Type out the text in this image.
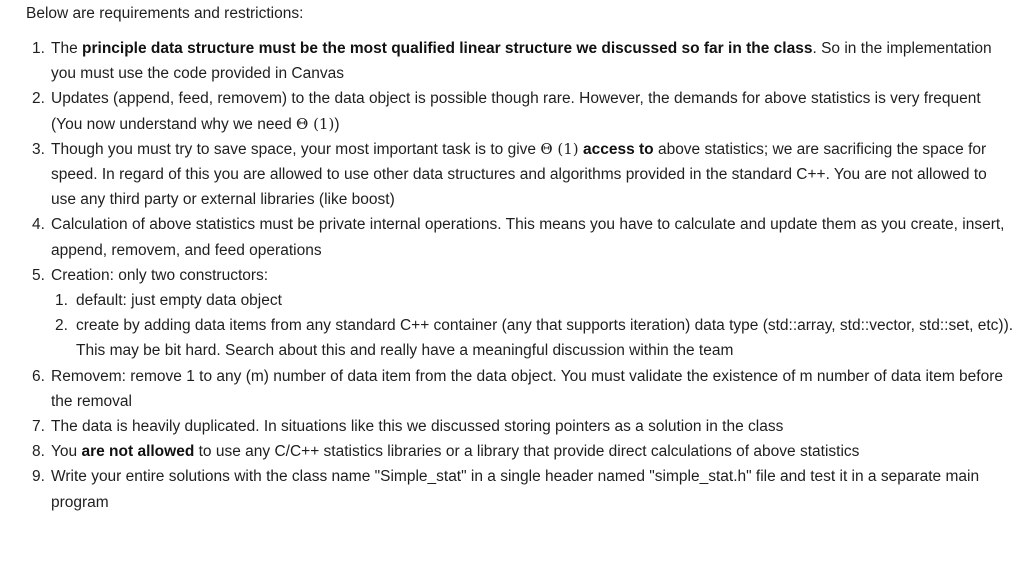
Below are requirements and restrictions:
1. The principle data structure must be the most qualified linear structure we discussed so far in the class. So in the implementation you must use the code provided in Canvas
2. Updates (append, feed, removem) to the data object is possible though rare. However, the demands for above statistics is very frequent (You now understand why we need Θ (1))
3. Though you must try to save space, your most important task is to give Θ (1) access to above statistics; we are sacrificing the space for speed. In regard of this you are allowed to use other data structures and algorithms provided in the standard C++. You are not allowed to use any third party or external libraries (like boost)
4. Calculation of above statistics must be private internal operations. This means you have to calculate and update them as you create, insert, append, removem, and feed operations
5. Creation: only two constructors:
1. default: just empty data object
2. create by adding data items from any standard C++ container (any that supports iteration) data type (std::array, std::vector, std::set, etc)). This may be bit hard. Search about this and really have a meaningful discussion within the team
6. Removem: remove 1 to any (m) number of data item from the data object. You must validate the existence of m number of data item before the removal
7. The data is heavily duplicated. In situations like this we discussed storing pointers as a solution in the class
8. You are not allowed to use any C/C++ statistics libraries or a library that provide direct calculations of above statistics
9. Write your entire solutions with the class name "Simple_stat" in a single header named "simple_stat.h" file and test it in a separate main program
